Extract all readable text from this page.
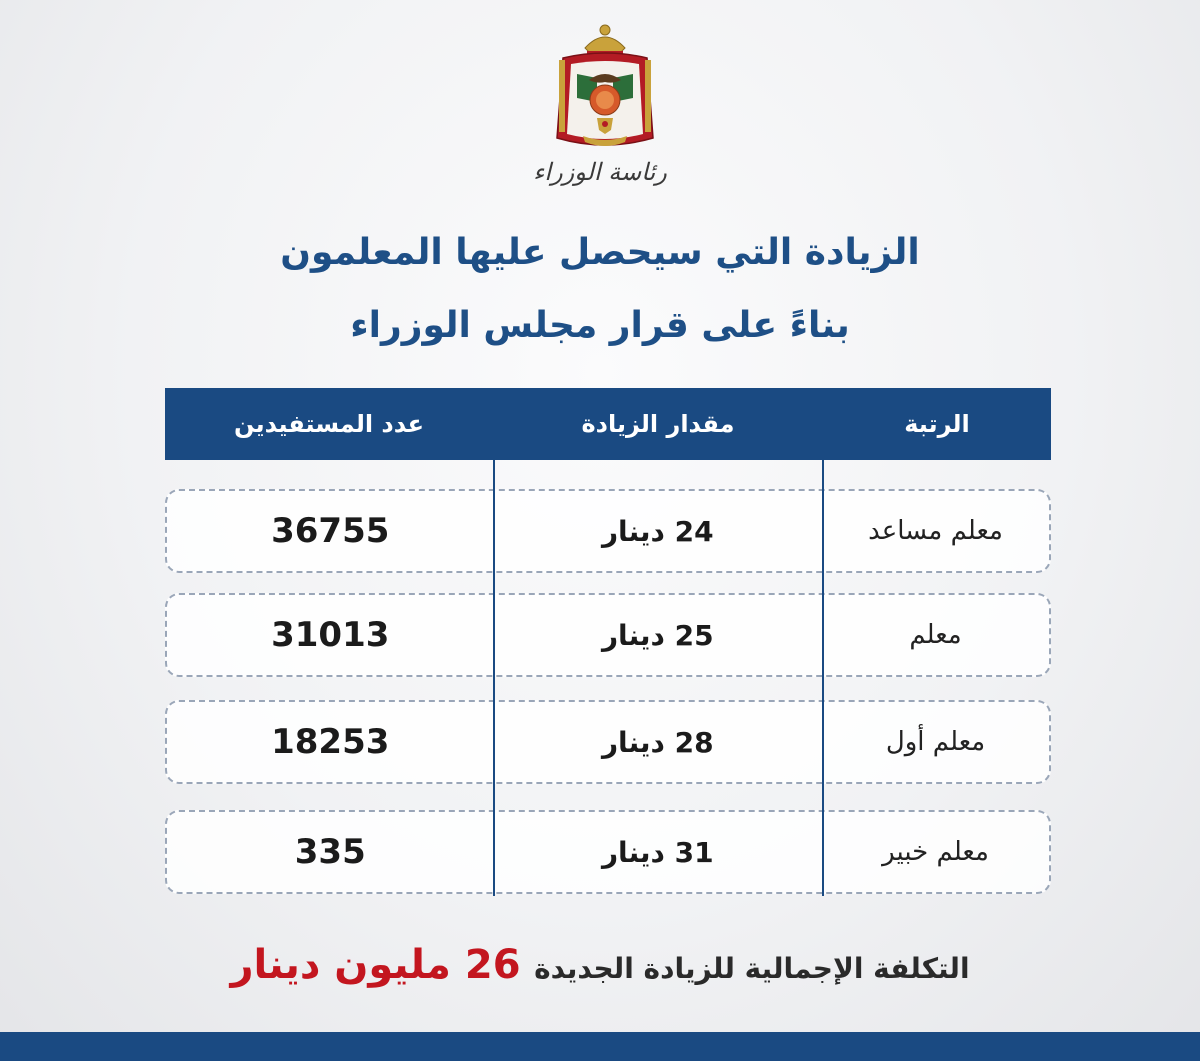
رئاسة الوزراء
الزيادة التي سيحصل عليها المعلمون
بناءً على قرار مجلس الوزراء
الرتبة
مقدار الزيادة
عدد المستفيدين
معلم مساعد
24 دينار
36755
معلم
25 دينار
31013
معلم أول
28 دينار
18253
معلم خبير
31 دينار
335
التكلفة الإجمالية للزيادة الجديدة 26 مليون دينار
